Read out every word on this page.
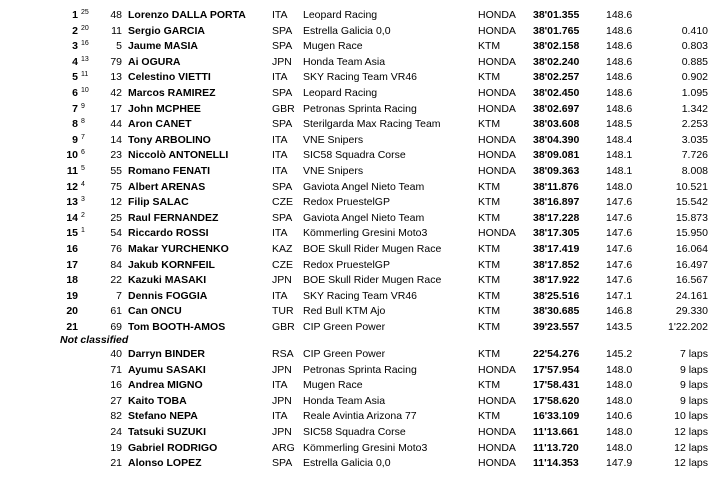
1 25	48 Lorenzo DALLA PORTA ITA Leopard Racing	HONDA 38'01.355	148.6
2 20	11 Sergio GARCIA	SPA Estrella Galicia 0,0	HONDA 38'01.765	148.6	0.410
3 16	5 Jaume MASIA	SPA Mugen Race	KTM	38'02.158	148.6	0.803
4 13	79 Ai OGURA	JPN Honda Team Asia	HONDA 38'02.240	148.6	0.885
5 11	13 Celestino VIETTI	ITA SKY Racing Team VR46	KTM	38'02.257	148.6	0.902
6 10	42 Marcos RAMIREZ	SPA Leopard Racing	HONDA 38'02.450	148.6	1.095
7 9	17 John MCPHEE	GBR Petronas Sprinta Racing	HONDA 38'02.697	148.6	1.342
8 8	44 Aron CANET	SPA Sterilgarda Max Racing Team	KTM	38'03.608	148.5	2.253
9 7	14 Tony ARBOLINO	ITA VNE Snipers	HONDA 38'04.390	148.4	3.035
10 6	23 Niccolò ANTONELLI	ITA SIC58 Squadra Corse	HONDA 38'09.081	148.1	7.726
11 5	55 Romano FENATI	ITA VNE Snipers	HONDA 38'09.363	148.1	8.008
12 4	75 Albert ARENAS	SPA Gaviota Angel Nieto Team	KTM	38'11.876	148.0	10.521
13 3	12 Filip SALAC	CZE Redox PruestelGP	KTM	38'16.897	147.6	15.542
14 2	25 Raul FERNANDEZ	SPA Gaviota Angel Nieto Team	KTM	38'17.228	147.6	15.873
15 1	54 Riccardo ROSSI	ITA Kömmerling Gresini Moto3	HONDA 38'17.305	147.6	15.950
16	76 Makar YURCHENKO	KAZ BOE Skull Rider Mugen Race	KTM	38'17.419	147.6	16.064
17	84 Jakub KORNFEIL	CZE Redox PruestelGP	KTM	38'17.852	147.6	16.497
18	22 Kazuki MASAKI	JPN BOE Skull Rider Mugen Race	KTM	38'17.922	147.6	16.567
19	7 Dennis FOGGIA	ITA SKY Racing Team VR46	KTM	38'25.516	147.1	24.161
20	61 Can ONCU	TUR Red Bull KTM Ajo	KTM	38'30.685	146.8	29.330
21	69 Tom BOOTH-AMOS	GBR CIP Green Power	KTM	39'23.557	143.5	1'22.202
Not classified
40 Darryn BINDER	RSA CIP Green Power	KTM	22'54.276	145.2	7 laps
71 Ayumu SASAKI	JPN Petronas Sprinta Racing	HONDA 17'57.954	148.0	9 laps
16 Andrea MIGNO	ITA Mugen Race	KTM	17'58.431	148.0	9 laps
27 Kaito TOBA	JPN Honda Team Asia	HONDA 17'58.620	148.0	9 laps
82 Stefano NEPA	ITA Reale Avintia Arizona 77	KTM	16'33.109	140.6	10 laps
24 Tatsuki SUZUKI	JPN SIC58 Squadra Corse	HONDA 11'13.661	148.0	12 laps
19 Gabriel RODRIGO	ARG Kömmerling Gresini Moto3	HONDA 11'13.720	148.0	12 laps
21 Alonso LOPEZ	SPA Estrella Galicia 0,0	HONDA 11'14.353	147.9	12 laps
